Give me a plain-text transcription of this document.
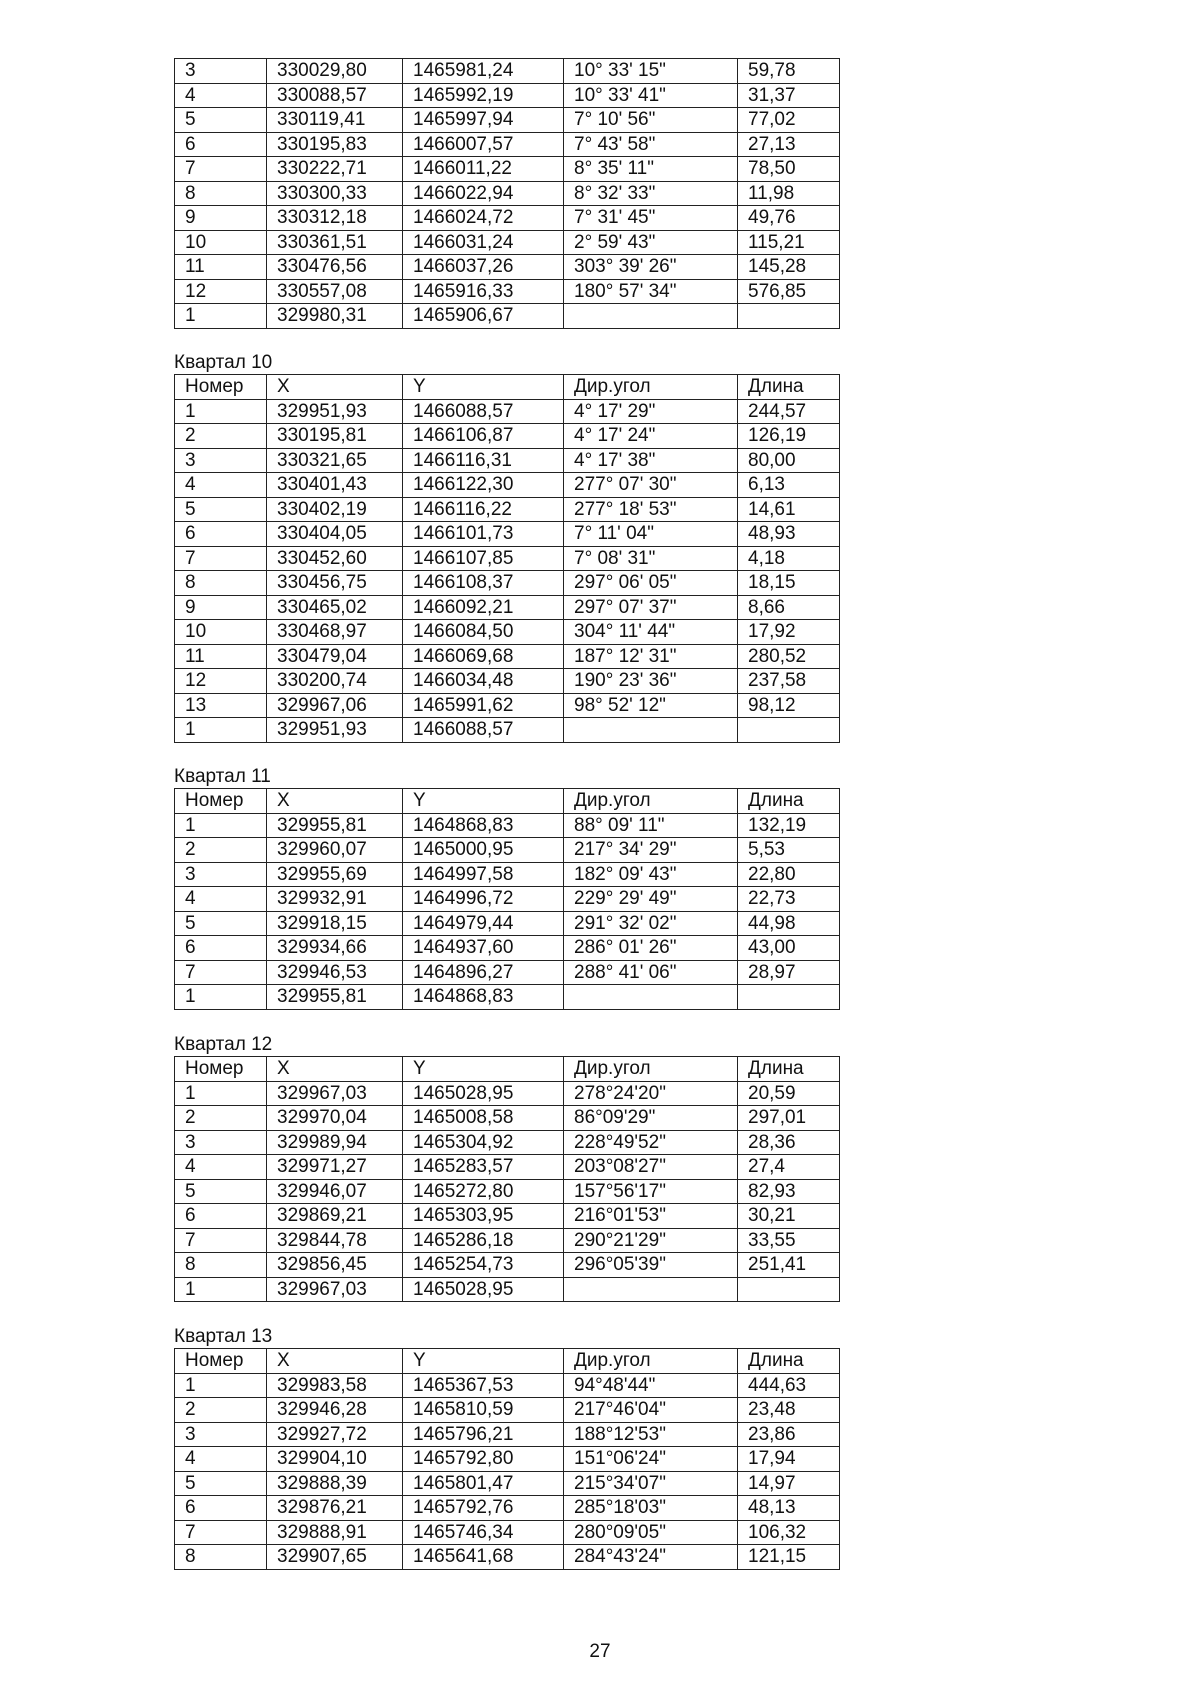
3	330029,80	1465981,24	10° 33' 15"	59,78
4	330088,57	1465992,19	10° 33' 41"	31,37
5	330119,41	1465997,94	7° 10' 56"	77,02
6	330195,83	1466007,57	7° 43' 58"	27,13
7	330222,71	1466011,22	8° 35' 11"	78,50
8	330300,33	1466022,94	8° 32' 33"	11,98
9	330312,18	1466024,72	7° 31' 45"	49,76
10	330361,51	1466031,24	2° 59' 43"	115,21
11	330476,56	1466037,26	303° 39' 26"	145,28
12	330557,08	1465916,33	180° 57' 34"	576,85
1	329980,31	1465906,67		
Квартал 10
Номер	X	Y	Дир.угол	Длина
1	329951,93	1466088,57	4° 17' 29"	244,57
2	330195,81	1466106,87	4° 17' 24"	126,19
3	330321,65	1466116,31	4° 17' 38"	80,00
4	330401,43	1466122,30	277° 07' 30"	6,13
5	330402,19	1466116,22	277° 18' 53"	14,61
6	330404,05	1466101,73	7° 11' 04"	48,93
7	330452,60	1466107,85	7° 08' 31"	4,18
8	330456,75	1466108,37	297° 06' 05"	18,15
9	330465,02	1466092,21	297° 07' 37"	8,66
10	330468,97	1466084,50	304° 11' 44"	17,92
11	330479,04	1466069,68	187° 12' 31"	280,52
12	330200,74	1466034,48	190° 23' 36"	237,58
13	329967,06	1465991,62	98° 52' 12"	98,12
1	329951,93	1466088,57		
Квартал 11
Номер	X	Y	Дир.угол	Длина
1	329955,81	1464868,83	88° 09' 11"	132,19
2	329960,07	1465000,95	217° 34' 29"	5,53
3	329955,69	1464997,58	182° 09' 43"	22,80
4	329932,91	1464996,72	229° 29' 49"	22,73
5	329918,15	1464979,44	291° 32' 02"	44,98
6	329934,66	1464937,60	286° 01' 26"	43,00
7	329946,53	1464896,27	288° 41' 06"	28,97
1	329955,81	1464868,83		
Квартал 12
Номер	X	Y	Дир.угол	Длина
1	329967,03	1465028,95	278°24'20"	20,59
2	329970,04	1465008,58	86°09'29"	297,01
3	329989,94	1465304,92	228°49'52"	28,36
4	329971,27	1465283,57	203°08'27"	27,4
5	329946,07	1465272,80	157°56'17"	82,93
6	329869,21	1465303,95	216°01'53"	30,21
7	329844,78	1465286,18	290°21'29"	33,55
8	329856,45	1465254,73	296°05'39"	251,41
1	329967,03	1465028,95		
Квартал 13
Номер	X	Y	Дир.угол	Длина
1	329983,58	1465367,53	94°48'44"	444,63
2	329946,28	1465810,59	217°46'04"	23,48
3	329927,72	1465796,21	188°12'53"	23,86
4	329904,10	1465792,80	151°06'24"	17,94
5	329888,39	1465801,47	215°34'07"	14,97
6	329876,21	1465792,76	285°18'03"	48,13
7	329888,91	1465746,34	280°09'05"	106,32
8	329907,65	1465641,68	284°43'24"	121,15
27
